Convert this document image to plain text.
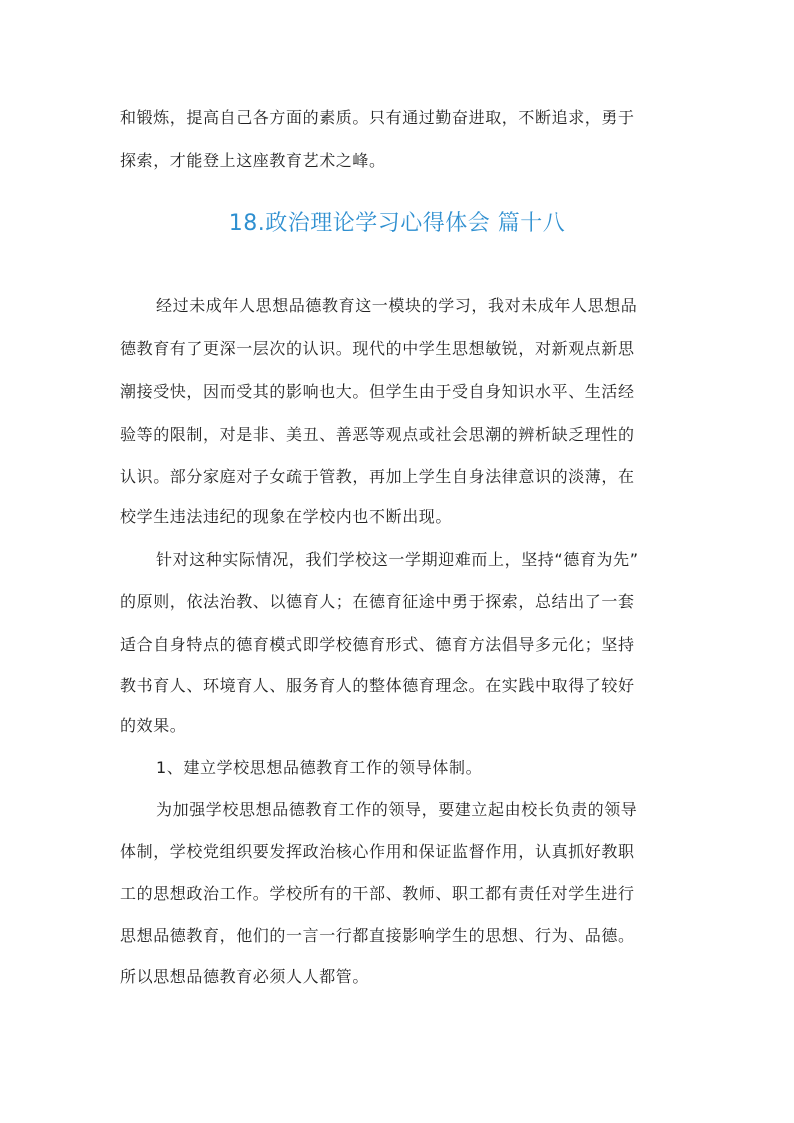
和锻炼，提高自己各方面的素质。只有通过勤奋进取，不断追求，勇于
探索，才能登上这座教育艺术之峰。
18.政治理论学习心得体会 篇十八
经过未成年人思想品德教育这一模块的学习，我对未成年人思想品
德教育有了更深一层次的认识。现代的中学生思想敏锐，对新观点新思
潮接受快，因而受其的影响也大。但学生由于受自身知识水平、生活经
验等的限制，对是非、美丑、善恶等观点或社会思潮的辨析缺乏理性的
认识。部分家庭对子女疏于管教，再加上学生自身法律意识的淡薄，在
校学生违法违纪的现象在学校内也不断出现。
针对这种实际情况，我们学校这一学期迎难而上，坚持“德育为先”
的原则，依法治教、以德育人；在德育征途中勇于探索，总结出了一套
适合自身特点的德育模式即学校德育形式、德育方法倡导多元化；坚持
教书育人、环境育人、服务育人的整体德育理念。在实践中取得了较好
的效果。
1、建立学校思想品德教育工作的领导体制。
为加强学校思想品德教育工作的领导，要建立起由校长负责的领导
体制，学校党组织要发挥政治核心作用和保证监督作用，认真抓好教职
工的思想政治工作。学校所有的干部、教师、职工都有责任对学生进行
思想品德教育，他们的一言一行都直接影响学生的思想、行为、品德。
所以思想品德教育必须人人都管。
